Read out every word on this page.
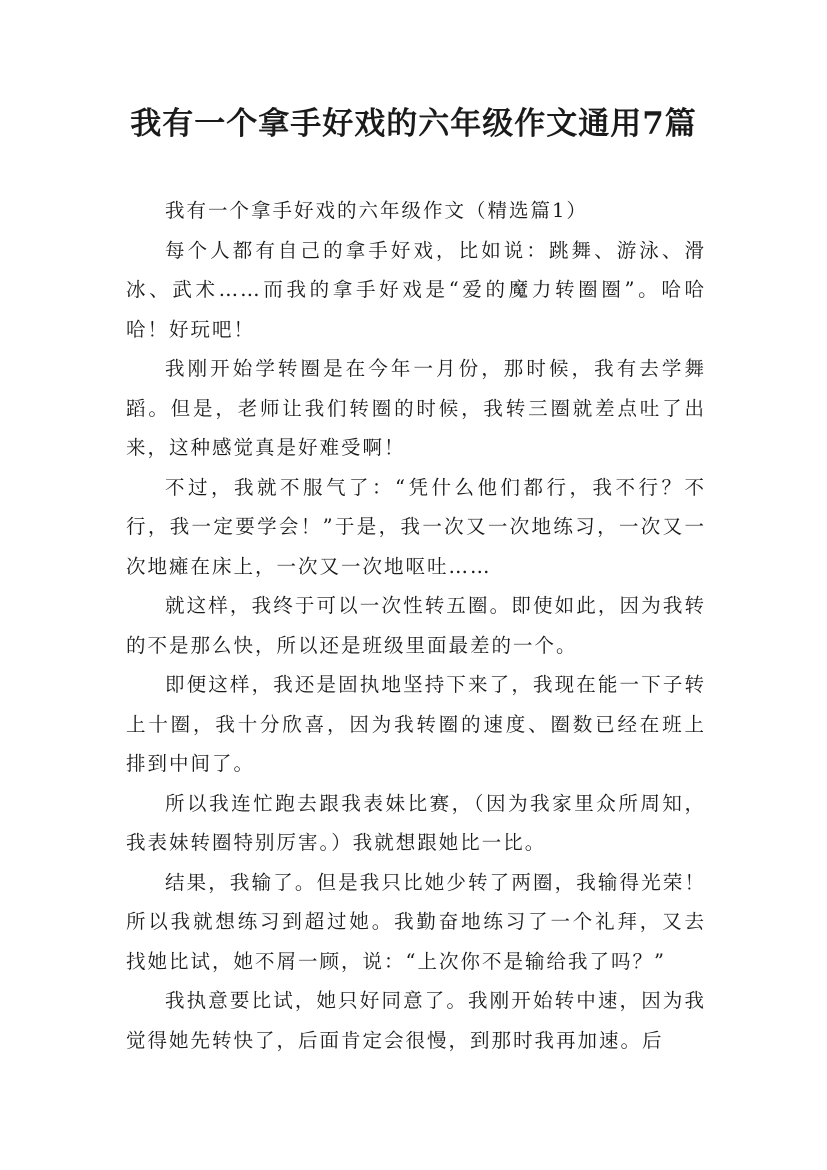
我有一个拿手好戏的六年级作文通用7篇

我有一个拿手好戏的六年级作文（精选篇1）

每个人都有自己的拿手好戏，比如说：跳舞、游泳、滑冰、武术……而我的拿手好戏是“爱的魔力转圈圈”。哈哈哈！好玩吧！

我刚开始学转圈是在今年一月份，那时候，我有去学舞蹈。但是，老师让我们转圈的时候，我转三圈就差点吐了出来，这种感觉真是好难受啊！

不过，我就不服气了：“凭什么他们都行，我不行？不行，我一定要学会！”于是，我一次又一次地练习，一次又一次地瘫在床上，一次又一次地呕吐……

就这样，我终于可以一次性转五圈。即使如此，因为我转的不是那么快，所以还是班级里面最差的一个。

即便这样，我还是固执地坚持下来了，我现在能一下子转上十圈，我十分欣喜，因为我转圈的速度、圈数已经在班上排到中间了。

所以我连忙跑去跟我表妹比赛，（因为我家里众所周知，我表妹转圈特别厉害。）我就想跟她比一比。

结果，我输了。但是我只比她少转了两圈，我输得光荣！所以我就想练习到超过她。我勤奋地练习了一个礼拜，又去找她比试，她不屑一顾，说：“上次你不是输给我了吗？”

我执意要比试，她只好同意了。我刚开始转中速，因为我觉得她先转快了，后面肯定会很慢，到那时我再加速。后
